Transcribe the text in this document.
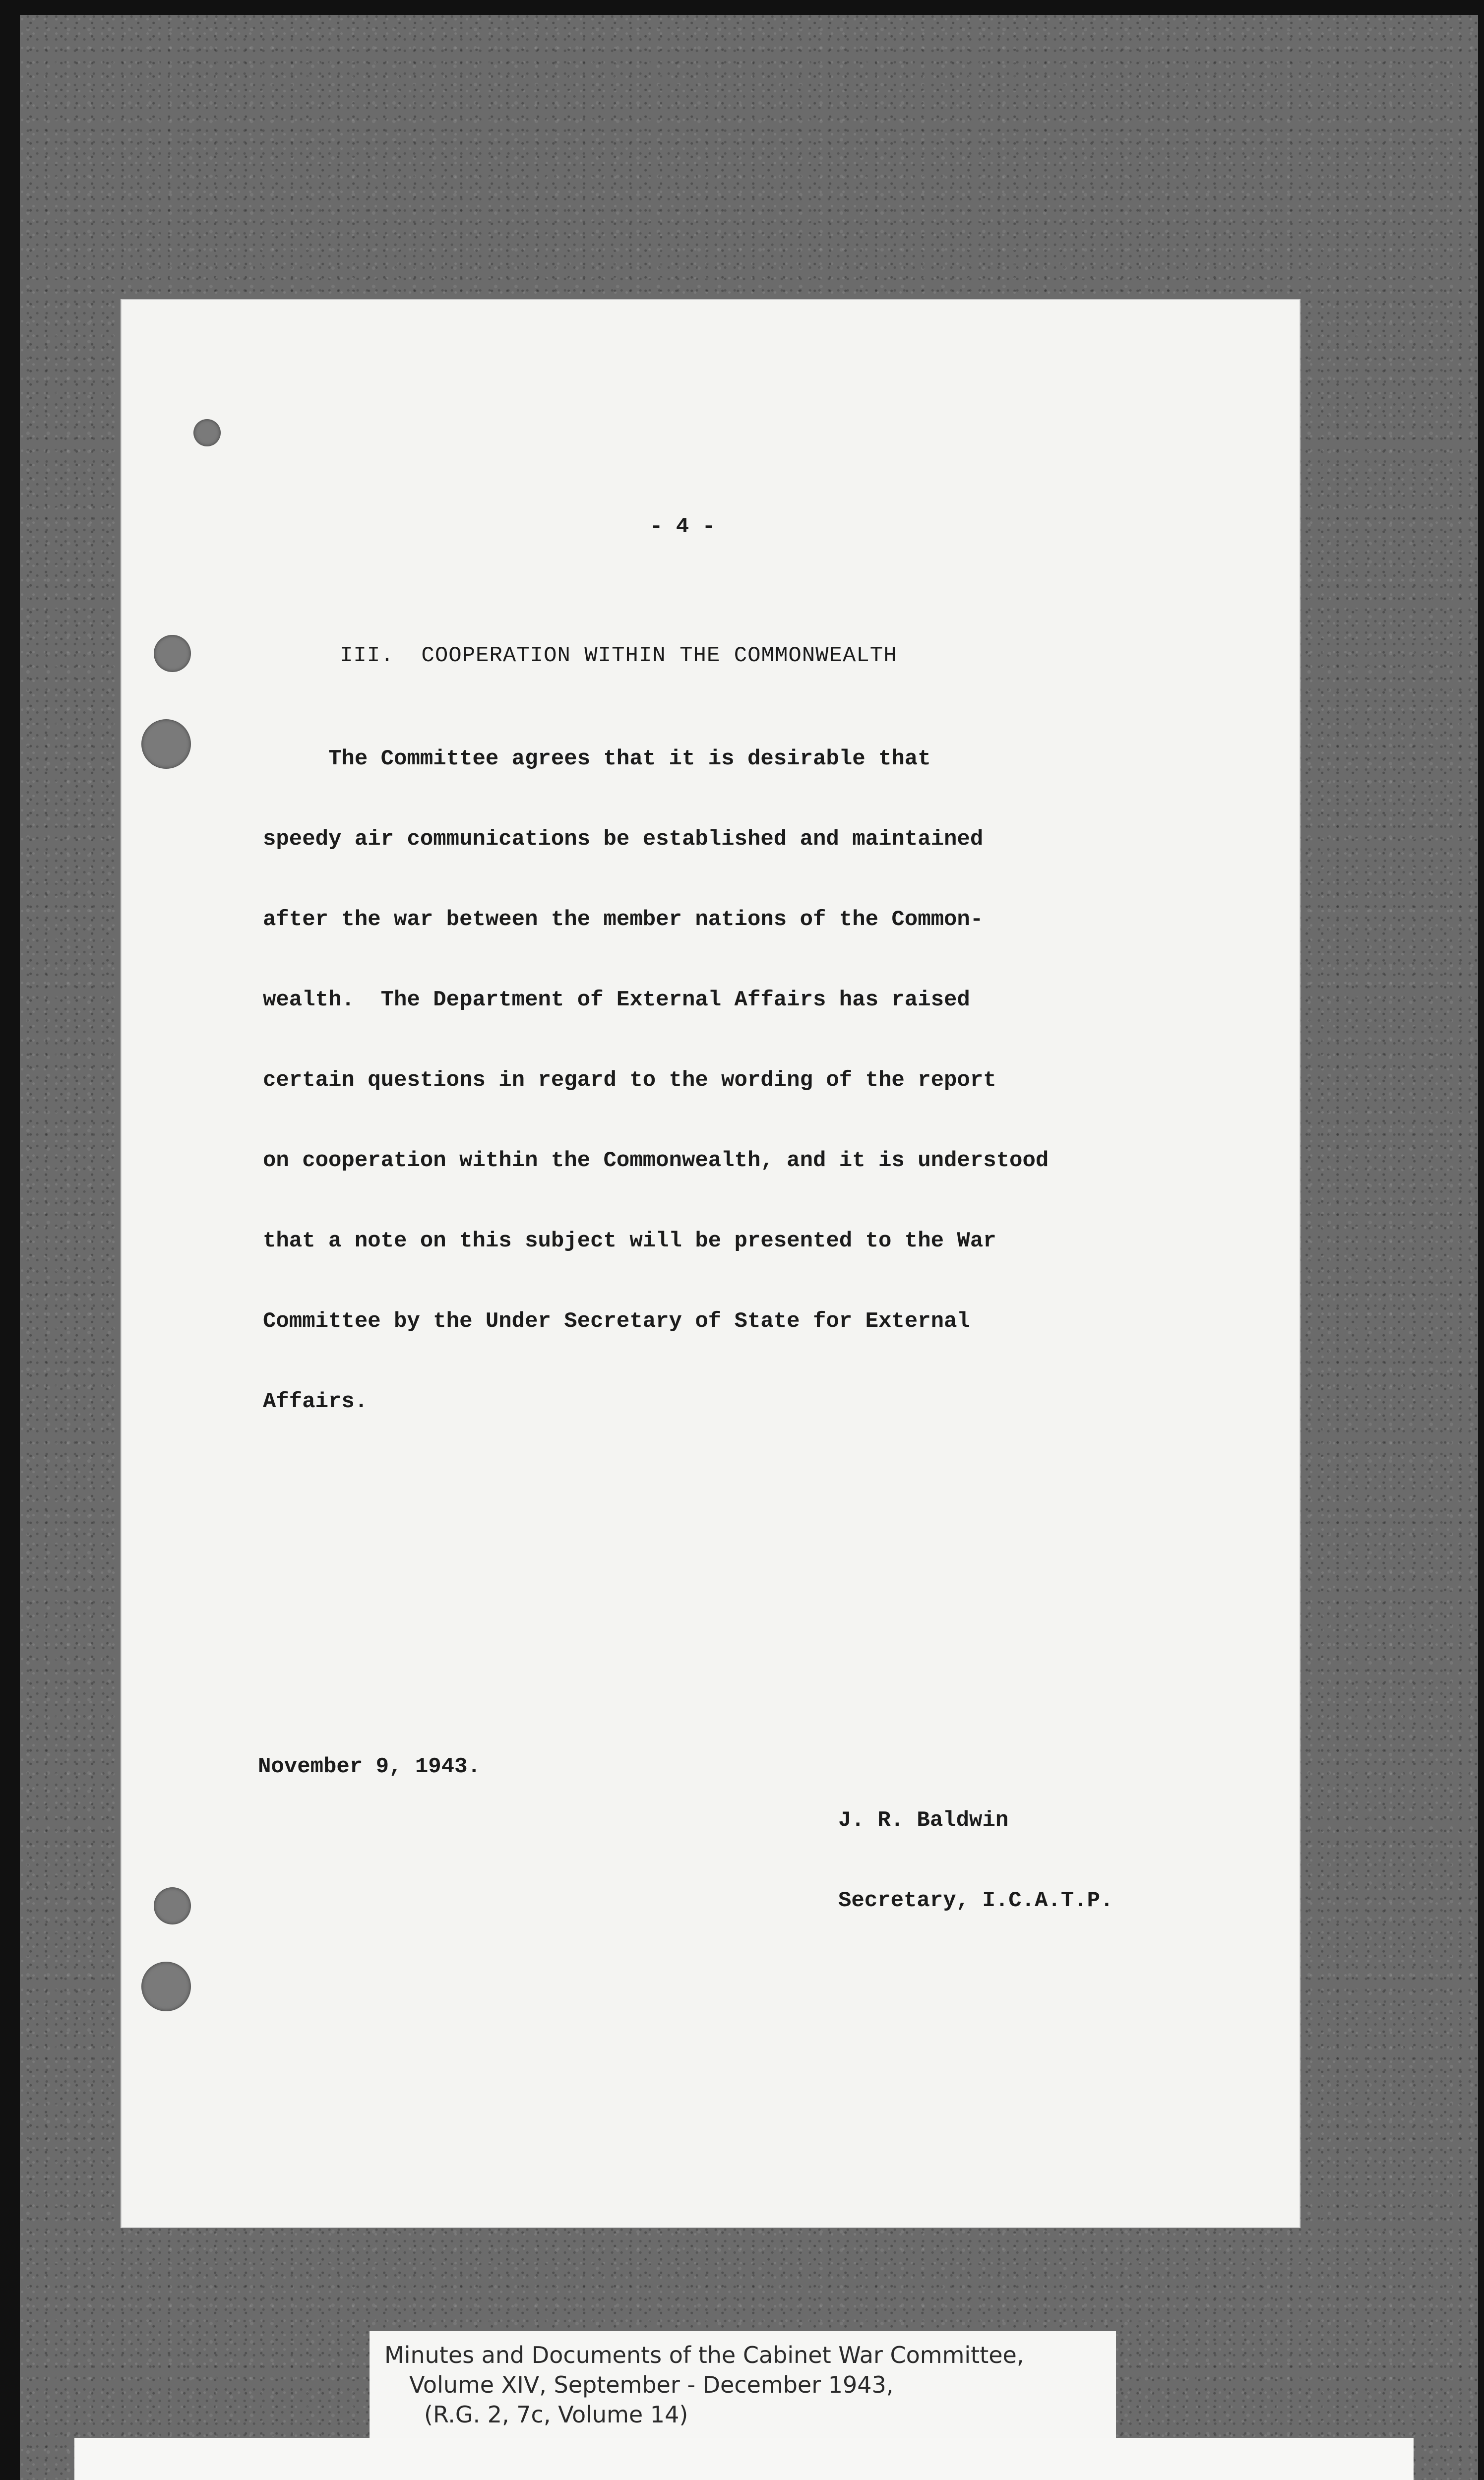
- 4 -
III.  COOPERATION WITHIN THE COMMONWEALTH

The Committee agrees that it is desirable that

speedy air communications be established and maintained

after the war between the member nations of the Common-

wealth.  The Department of External Affairs has raised

certain questions in regard to the wording of the report

on cooperation within the Commonwealth, and it is understood

that a note on this subject will be presented to the War

Committee by the Under Secretary of State for External

Affairs.

November 9, 1943.

J. R. Baldwin

Secretary, I.C.A.T.P.

Minutes and Documents of the Cabinet War Committee,
Volume XIV, September - December 1943,
(R.G. 2, 7c, Volume 14)
